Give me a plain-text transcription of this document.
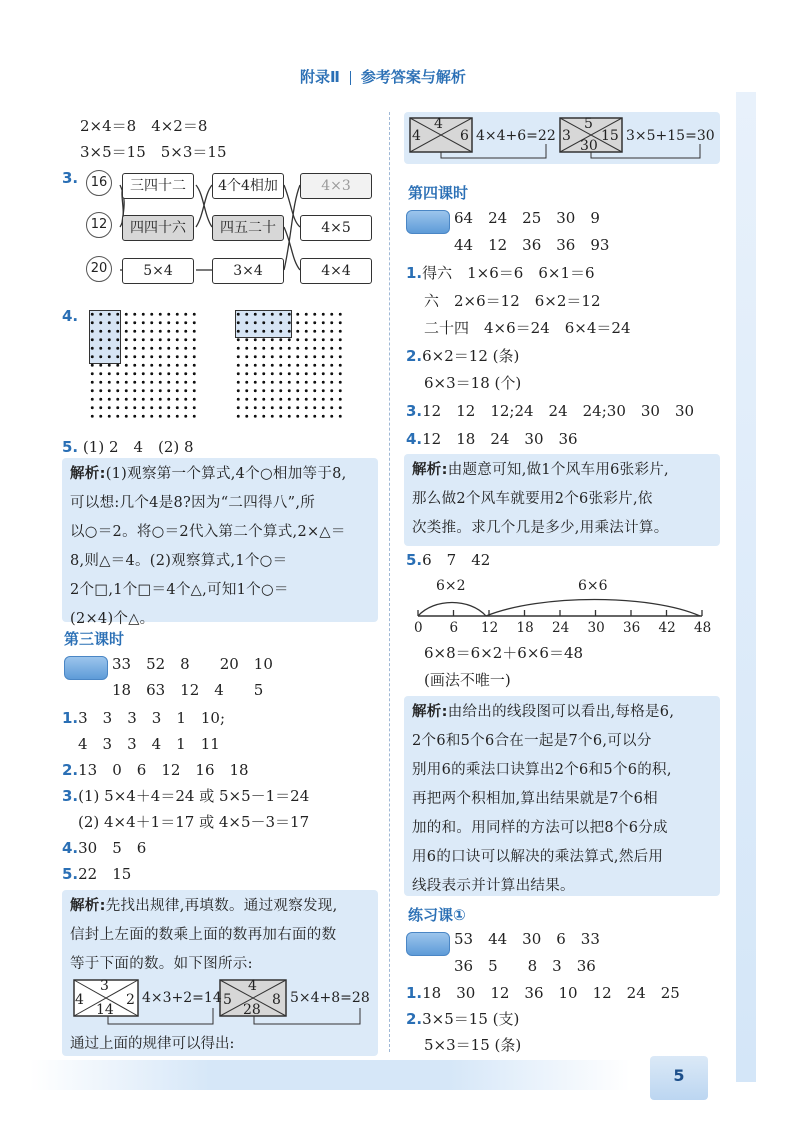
附录Ⅱ 参考答案与解析
2×4＝8　4×2＝8
3×5＝15　5×3＝15
3. 16
12
20
三四十二
四四十六
5×4
4个4相加
四五二十
3×4
4×3
4×5
4×4
4.
5. (1) 2　4　(2) 8

解析:(1)观察第一个算式,4个○相加等于8,

可以想:几个4是8?因为“二四得八”,所

以○＝2。将○＝2代入第二个算式,2×△＝

8,则△＝4。(2)观察算式,1个○＝

2个□,1个□＝4个△,可知1个○＝

(2×4)个△。

第三课时
33　52　8　　20　10
18　63　12　4　　5
1.3　3　3　3　1　10;
4　3　3　4　1　11
2.13　0　6　12　16　18
3.(1) 5×4＋4＝24 或 5×5－1＝24
(2) 4×4＋1＝17 或 4×5－3＝17
4.30　5　6
5.22　15

解析:先找出规律,再填数。通过观察发现,

信封上左面的数乘上面的数再加右面的数

等于下面的数。如下图所示:

4
3
2
14
4×3+2=14 5
4
8
28
5×4+8=28
通过上面的规律可以得出:
4
4
6 4×4+6=22 3
5
15
30
3×5+15=30
第四课时
64　24　25　30　9
44　12　36　36　93
1.得六　1×6＝6　6×1＝6
六　2×6＝12　6×2＝12
二十四　4×6＝24　6×4＝24
2.6×2＝12 (条)
6×3＝18 (个)
3.12　12　12;24　24　24;30　30　30
4.12　18　24　30　36

解析:由题意可知,做1个风车用6张彩片,

那么做2个风车就要用2个6张彩片,依

次类推。求几个几是多少,用乘法计算。

5.6　7　42
6×2	6×6
0 6 12 18 24 30 36 42 48
6×8＝6×2＋6×6＝48
(画法不唯一)

解析:由给出的线段图可以看出,每格是6,

2个6和5个6合在一起是7个6,可以分

别用6的乘法口诀算出2个6和5个6的积,

再把两个积相加,算出结果就是7个6相

加的和。用同样的方法可以把8个6分成

用6的口诀可以解决的乘法算式,然后用

线段表示并计算出结果。

练习课①
53　44　30　6　33
36　5　　8　3　36
1.18　30　12　36　10　12　24　25
2.3×5＝15 (支)
5×3＝15 (条)
5
